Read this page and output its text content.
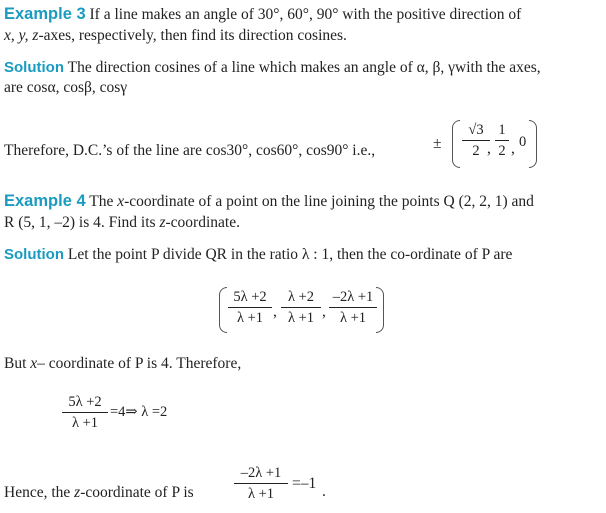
Example 3 If a line makes an angle of 30°, 60°, 90° with the positive direction of
x, y, z-axes, respectively, then find its direction cosines.
Solution The direction cosines of a line which makes an angle of α, β, γwith the axes,
are cosα, cosβ, cosγ
Therefore, D.C.’s of the line are cos30°, cos60°, cos90° i.e.,	±
√3
2 ,
1
2 , 0
Example 4 The x-coordinate of a point on the line joining the points Q (2, 2, 1) and
R (5, 1, –2) is 4. Find its z-coordinate.
Solution Let the point P divide QR in the ratio λ : 1, then the co-ordinate of P are
5λ +2
λ +1 ,
λ +2
λ +1 ,
–2λ +1
λ +1
But x– coordinate of P is 4. Therefore,
5λ +2
λ +1
=4⇒ λ =2
Hence, the z-coordinate of P is
–2λ +1
λ +1
=–1 .
